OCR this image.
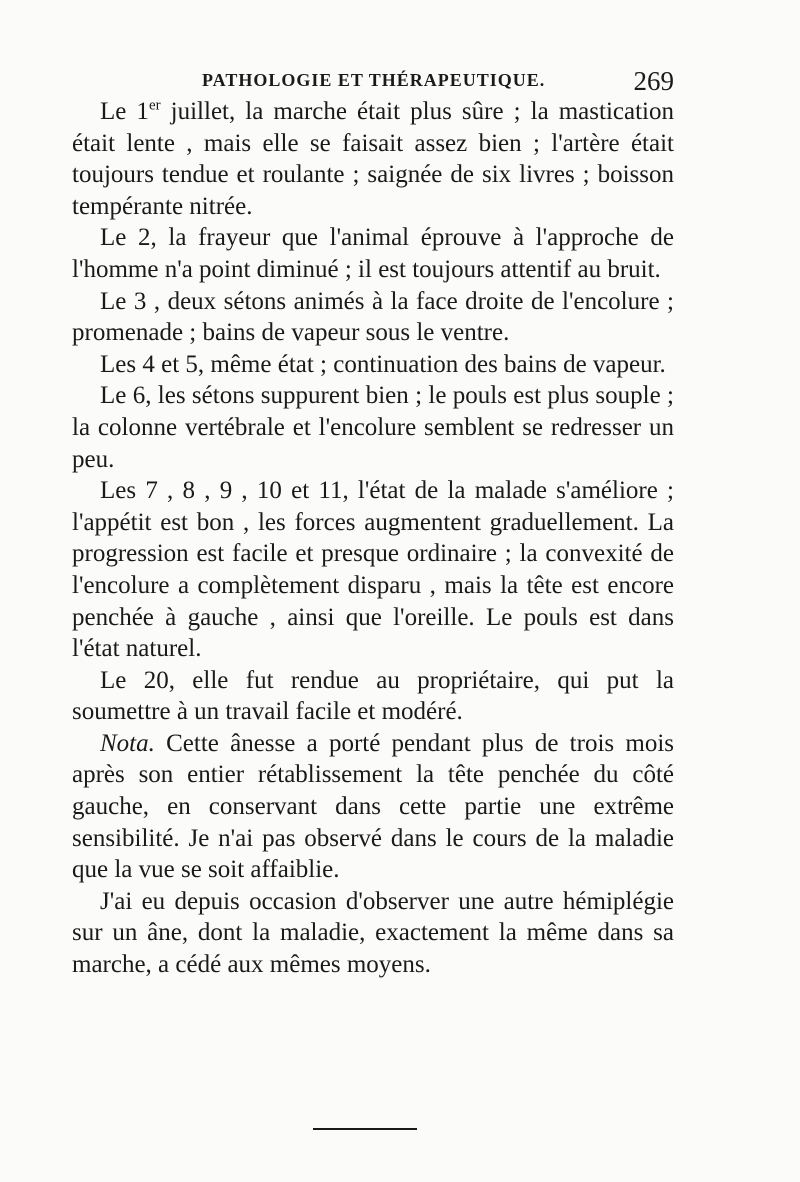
PATHOLOGIE ET THÉRAPEUTIQUE.	269

Le 1er juillet, la marche était plus sûre ; la mastication était lente , mais elle se faisait assez bien ; l'artère était toujours tendue et roulante ; saignée de six livres ; boisson tempérante nitrée.

Le 2, la frayeur que l'animal éprouve à l'approche de l'homme n'a point diminué ; il est toujours attentif au bruit.

Le 3 , deux sétons animés à la face droite de l'encolure ; promenade ; bains de vapeur sous le ventre.

Les 4 et 5, même état ; continuation des bains de vapeur.

Le 6, les sétons suppurent bien ; le pouls est plus souple ; la colonne vertébrale et l'encolure semblent se redresser un peu.

Les 7 , 8 , 9 , 10 et 11, l'état de la malade s'améliore ; l'appétit est bon , les forces augmentent graduellement. La progression est facile et presque ordinaire ; la convexité de l'encolure a complètement disparu , mais la tête est encore penchée à gauche , ainsi que l'oreille. Le pouls est dans l'état naturel.

Le 20, elle fut rendue au propriétaire, qui put la soumettre à un travail facile et modéré.

Nota. Cette ânesse a porté pendant plus de trois mois après son entier rétablissement la tête penchée du côté gauche, en conservant dans cette partie une extrême sensibilité. Je n'ai pas observé dans le cours de la maladie que la vue se soit affaiblie.

J'ai eu depuis occasion d'observer une autre hémiplégie sur un âne, dont la maladie, exactement la même dans sa marche, a cédé aux mêmes moyens.
